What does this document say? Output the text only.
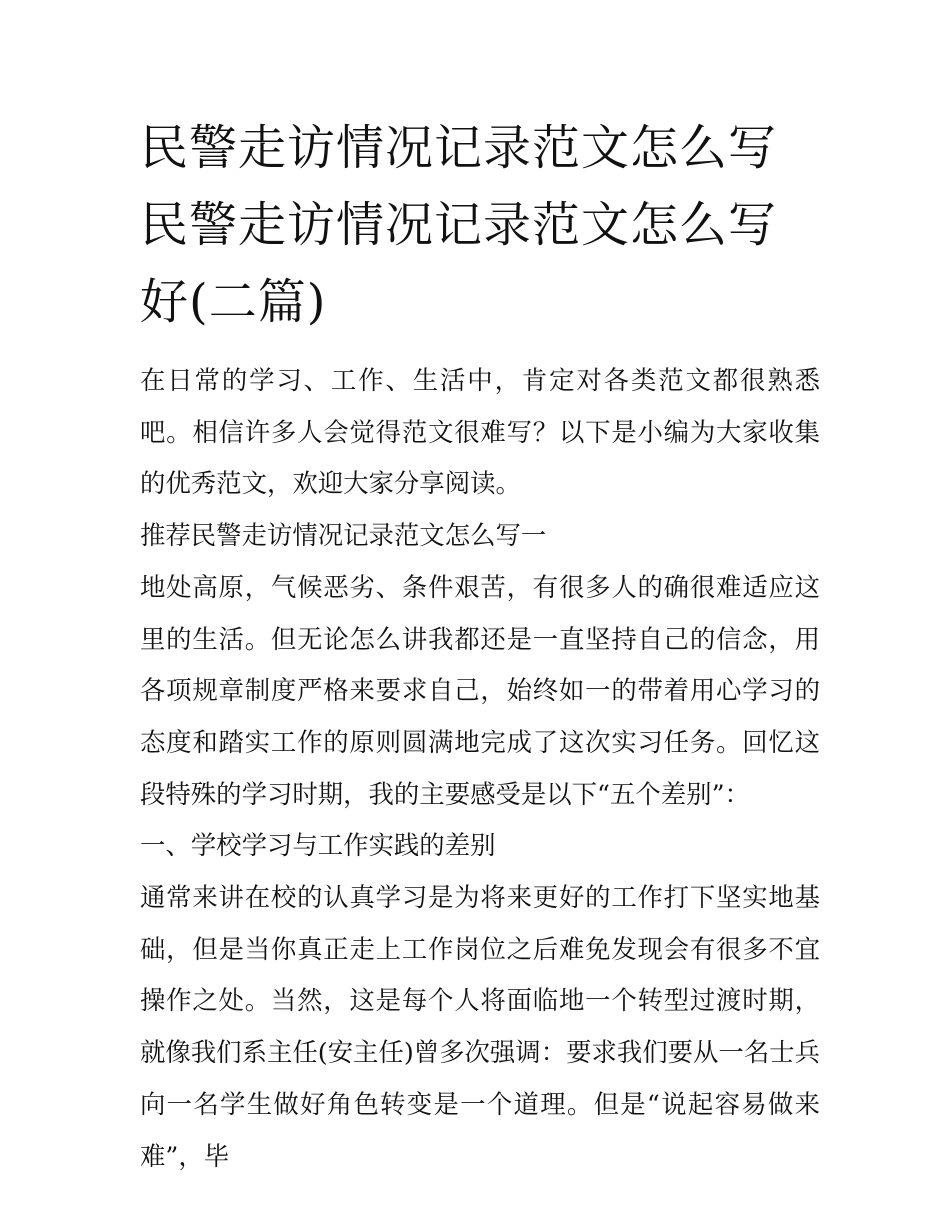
民警走访情况记录范文怎么写
民警走访情况记录范文怎么写
好(二篇)

在日常的学习、工作、生活中，肯定对各类范文都很熟悉吧。相信许多人会觉得范文很难写？以下是小编为大家收集的优秀范文，欢迎大家分享阅读。

推荐民警走访情况记录范文怎么写一

地处高原，气候恶劣、条件艰苦，有很多人的确很难适应这里的生活。但无论怎么讲我都还是一直坚持自己的信念，用各项规章制度严格来要求自己，始终如一的带着用心学习的态度和踏实工作的原则圆满地完成了这次实习任务。回忆这段特殊的学习时期，我的主要感受是以下“五个差别”：

一、学校学习与工作实践的差别

通常来讲在校的认真学习是为将来更好的工作打下坚实地基础，但是当你真正走上工作岗位之后难免发现会有很多不宜操作之处。当然，这是每个人将面临地一个转型过渡时期，就像我们系主任(安主任)曾多次强调：要求我们要从一名士兵向一名学生做好角色转变是一个道理。但是“说起容易做来难”，毕
